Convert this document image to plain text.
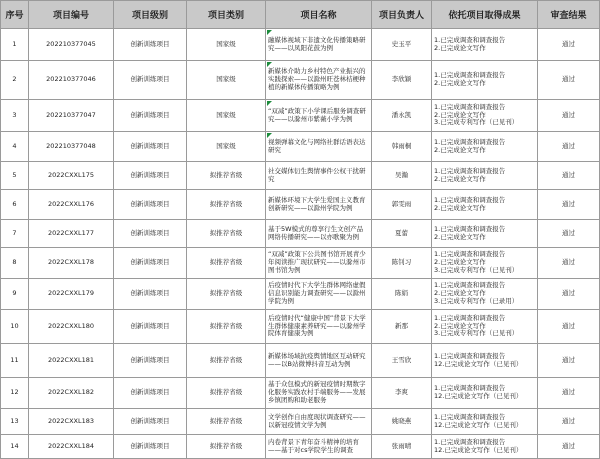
序号	项目编号	项目级别	项目类别	项目名称	项目负责人	依托项目取得成果	审查结果
1	202210377045	创新训练项目	国家级	融媒体视域下非遗文化传播策略研究——以凤阳花鼓为例	史玉平	1.已完成调查和调查报告
2.已完成论文写作	通过
2	202210377046	创新训练项目	国家级	新媒体介助力乡村特色产业振兴的实践探索——以滁州旺苍林桔梗种植的新媒体传播策略为例	李欣颖	1.已完成调查和调查报告
2.已完成论文写作	通过
3	202210377047	创新训练项目	国家级	“双减”政策下小学课后服务调查研究——以滁州市紫薇小学为例	潘永凯	1.已完成调查和调查报告
2.已完成论文写作
3.已完成专利写作（已见刊）	通过
4	202210377048	创新训练项目	国家级	视频弹幕文化与网络社群话语表达研究	韩雨桐	1.已完成调查和调查报告
2.已完成论文写作	通过
5	2022CXXL175	创新训练项目	拟推荐省级	社交媒体衍生舆情事件公权干扰研究	吴瀚	1.已完成调查和调查报告
2.已完成论文写作	通过
6	2022CXXL176	创新训练项目	拟推荐省级	新媒体环境下大学生爱国主义教育创新研究——以滁州学院为例	郭雯雨	1.已完成调查和调查报告
2.已完成论文写作	通过
7	2022CXXL177	创新训练项目	拟推荐省级	基于5W模式的尊享行生文创产品网络传播研究——以亦歌聚为例	夏蕾	1.已完成调查和调查报告
2.已完成论文写作	通过
8	2022CXXL178	创新训练项目	拟推荐省级	“双减”政策下公共图书馆开展青少年阅读推广现状研究——以滁州市图书馆为例	陈钊习	1.已完成调查和调查报告
2.已完成论文写作
3.已完成专利写作（已见刊）	通过
9	2022CXXL179	创新训练项目	拟推荐省级	后疫情时代下大学生群体网络虚假信息识别能力调查研究——以滁州学院为例	陈娟	1.已完成调查和调查报告
2.已完成论文写作
3.已完成专利写作（已录用）	通过
10	2022CXXL180	创新训练项目	拟推荐省级	后疫情时代“健康中国”背景下大学生群体健康素养研究——以滁州学院体育健康为例	新那	1.已完成调查和调查报告
2.已完成论文写作
3.已完成专利写作（已见刊）	通过
11	2022CXXL181	创新训练项目	拟推荐省级	新媒体场域抗疫舆情地区互动研究——以B站微博抖音互动为例	王雪欣	1.已完成调查和调查报告
12.已完成论文写作（已见刊）	通过
12	2022CXXL182	创新训练项目	拟推荐省级	基于众包模式的新冠疫情时期数字化服务实践农村手端服务——发展乡镇团购和助老服务	李爽	1.已完成调查和调查报告
12.已完成论文写作（已见刊）	通过
13	2022CXXL183	创新训练项目	拟推荐省级	文学创作自由度现状调查研究——以新冠疫情文学为例	姚晓燕	1.已完成调查和调查报告
12.已完成论文写作（已见刊）	通过
14	2022CXXL184	创新训练项目	拟推荐省级	内卷背景下青年奋斗精神的培育——基于对cs学院学生的调查	张雨晴	1.已完成调查和调查报告
12.已完成论文写作（已见刊）	通过
